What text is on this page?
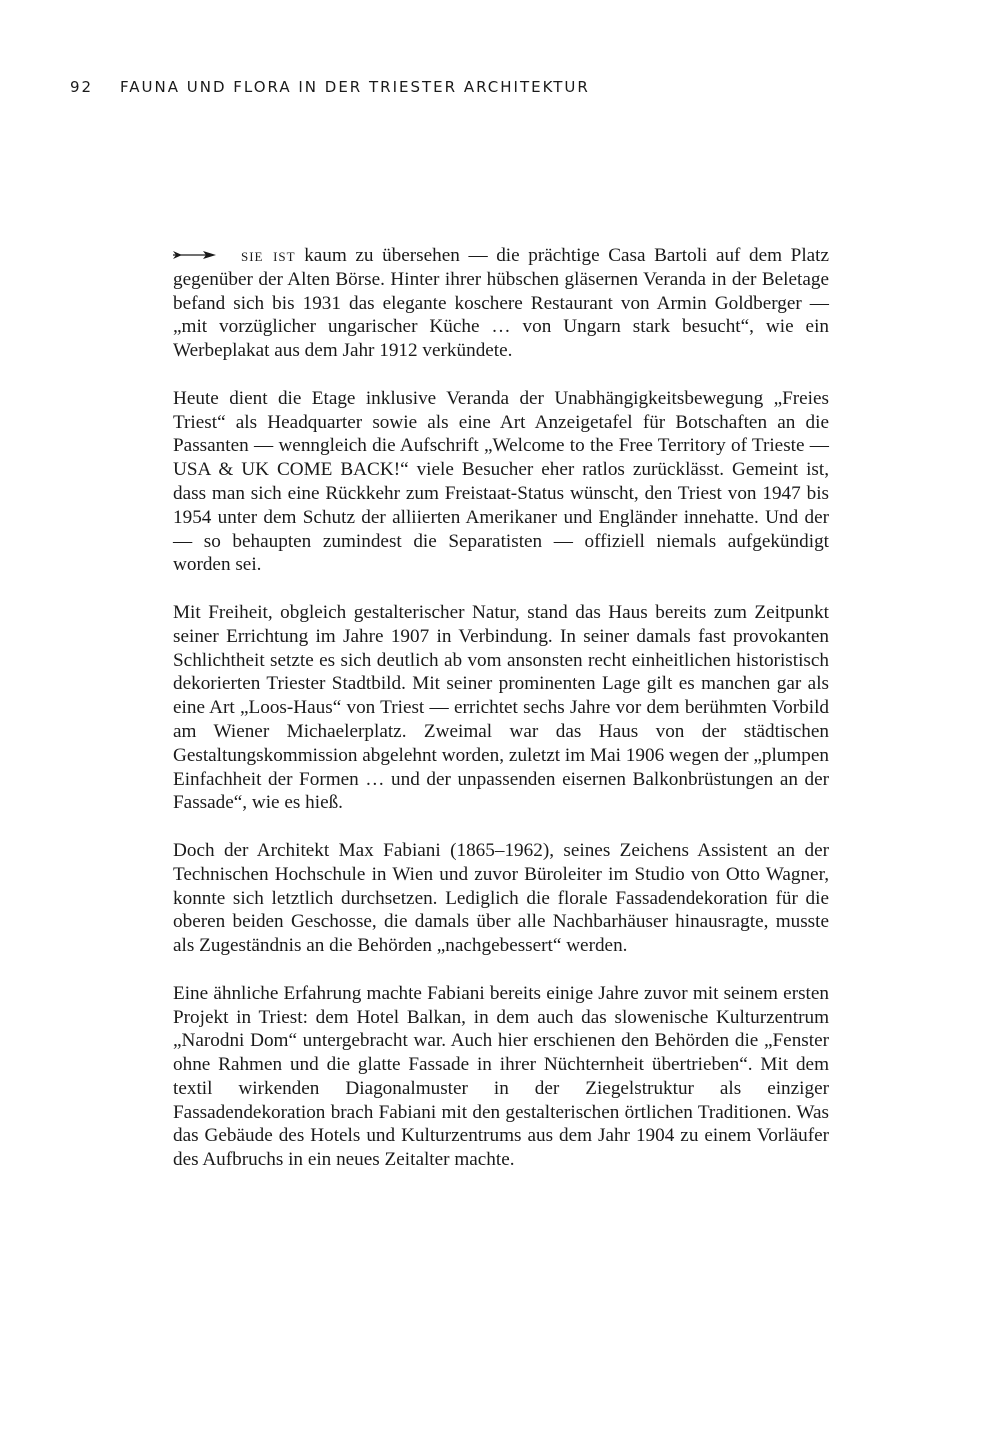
92 FAUNA UND FLORA IN DER TRIESTER ARCHITEKTUR

sie ist kaum zu übersehen — die prächtige Casa Bartoli auf dem Platz gegenüber der Alten Börse. Hinter ihrer hübschen gläsernen Veranda in der Beletage befand sich bis 1931 das elegante koschere Restaurant von Armin Goldberger — „mit vorzüglicher ungarischer Küche … von Ungarn stark besucht“, wie ein Werbeplakat aus dem Jahr 1912 verkündete.

Heute dient die Etage inklusive Veranda der Unabhängigkeitsbewegung „Freies Triest“ als Headquarter sowie als eine Art Anzeigetafel für Botschaften an die Passanten — wenngleich die Aufschrift „Welcome to the Free Territory of Trieste — USA & UK COME BACK!“ viele Besucher eher ratlos zurücklässt. Gemeint ist, dass man sich eine Rückkehr zum Freistaat-Status wünscht, den Triest von 1947 bis 1954 unter dem Schutz der alliierten Amerikaner und Engländer innehatte. Und der — so behaupten zumindest die Separatisten — offiziell niemals aufgekündigt worden sei.

Mit Freiheit, obgleich gestalterischer Natur, stand das Haus bereits zum Zeitpunkt seiner Errichtung im Jahre 1907 in Verbindung. In seiner damals fast provokanten Schlichtheit setzte es sich deutlich ab vom ansonsten recht einheitlichen historistisch dekorierten Triester Stadtbild. Mit seiner prominenten Lage gilt es manchen gar als eine Art „Loos-Haus“ von Triest — errichtet sechs Jahre vor dem berühmten Vorbild am Wiener Michaelerplatz. Zweimal war das Haus von der städtischen Gestaltungskommission abgelehnt worden, zuletzt im Mai 1906 wegen der „plumpen Einfachheit der Formen … und der unpassenden eisernen Balkonbrüstungen an der Fassade“, wie es hieß.

Doch der Architekt Max Fabiani (1865–1962), seines Zeichens Assistent an der Technischen Hochschule in Wien und zuvor Büroleiter im Studio von Otto Wagner, konnte sich letztlich durchsetzen. Lediglich die florale Fassadendekoration für die oberen beiden Geschosse, die damals über alle Nachbarhäuser hinausragte, musste als Zugeständnis an die Behörden „nachgebessert“ werden.

Eine ähnliche Erfahrung machte Fabiani bereits einige Jahre zuvor mit seinem ersten Projekt in Triest: dem Hotel Balkan, in dem auch das slowenische Kulturzentrum „Narodni Dom“ untergebracht war. Auch hier erschienen den Behörden die „Fenster ohne Rahmen und die glatte Fassade in ihrer Nüchternheit übertrieben“. Mit dem textil wirkenden Diagonalmuster in der Ziegelstruktur als einziger Fassadendekoration brach Fabiani mit den gestalterischen örtlichen Traditionen. Was das Gebäude des Hotels und Kulturzentrums aus dem Jahr 1904 zu einem Vorläufer des Aufbruchs in ein neues Zeitalter machte.
